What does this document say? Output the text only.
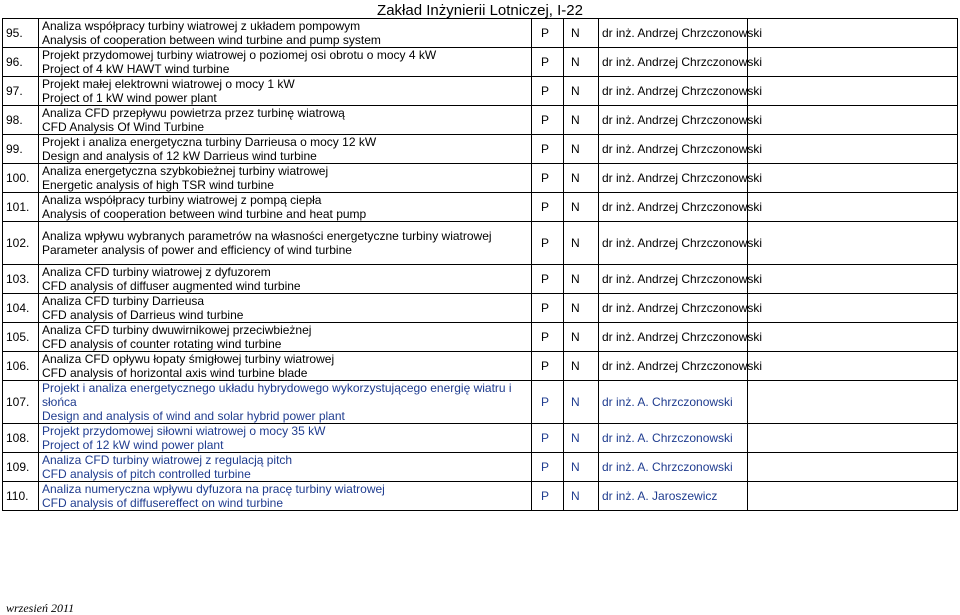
Zakład Inżynierii Lotniczej, I-22
95.	Analiza współpracy turbiny wiatrowej z układem pompowym
Analysis of cooperation between wind turbine and pump system	P	N	dr inż. Andrzej Chrzczonowski	
96.	Projekt przydomowej turbiny wiatrowej o poziomej osi obrotu o mocy 4 kW
Project of 4 kW HAWT wind turbine	P	N	dr inż. Andrzej Chrzczonowski	
97.	Projekt małej elektrowni wiatrowej o mocy 1 kW
Project of 1 kW wind power plant	P	N	dr inż. Andrzej Chrzczonowski	
98.	Analiza CFD przepływu powietrza przez turbinę wiatrową
CFD Analysis Of Wind Turbine	P	N	dr inż. Andrzej Chrzczonowski	
99.	Projekt i analiza energetyczna turbiny Darrieusa o mocy 12 kW
Design and analysis of 12 kW Darrieus wind turbine	P	N	dr inż. Andrzej Chrzczonowski	
100.	Analiza energetyczna szybkobieżnej turbiny wiatrowej
Energetic analysis of high TSR wind turbine	P	N	dr inż. Andrzej Chrzczonowski	
101.	Analiza współpracy turbiny wiatrowej z pompą ciepła
Analysis of cooperation between wind turbine and heat pump	P	N	dr inż. Andrzej Chrzczonowski	
102.	Analiza wpływu wybranych parametrów na własności energetyczne turbiny wiatrowej
Parameter analysis of power and efficiency of wind turbine	P	N	dr inż. Andrzej Chrzczonowski	
103.	Analiza CFD turbiny wiatrowej z dyfuzorem
CFD analysis of diffuser augmented wind turbine	P	N	dr inż. Andrzej Chrzczonowski	
104.	Analiza CFD turbiny Darrieusa
CFD analysis of Darrieus wind turbine	P	N	dr inż. Andrzej Chrzczonowski	
105.	Analiza CFD turbiny dwuwirnikowej przeciwbieżnej
CFD analysis of counter rotating wind turbine	P	N	dr inż. Andrzej Chrzczonowski	
106.	Analiza CFD opływu łopaty śmigłowej turbiny wiatrowej
CFD analysis of horizontal axis wind turbine blade	P	N	dr inż. Andrzej Chrzczonowski	
107.	Projekt i analiza energetycznego układu hybrydowego wykorzystującego energię wiatru i słońca
Design and analysis of wind and solar hybrid power plant	P	N	dr inż. A. Chrzczonowski	
108.	Projekt przydomowej siłowni wiatrowej o mocy 35 kW
Project of 12 kW wind power plant	P	N	dr inż. A. Chrzczonowski	
109.	Analiza CFD turbiny wiatrowej z regulacją pitch
CFD analysis of pitch controlled turbine	P	N	dr inż. A. Chrzczonowski	
110.	Analiza numeryczna wpływu dyfuzora na pracę turbiny wiatrowej
CFD analysis of diffusereffect on wind turbine	P	N	dr inż. A. Jaroszewicz	
wrzesień 2011
